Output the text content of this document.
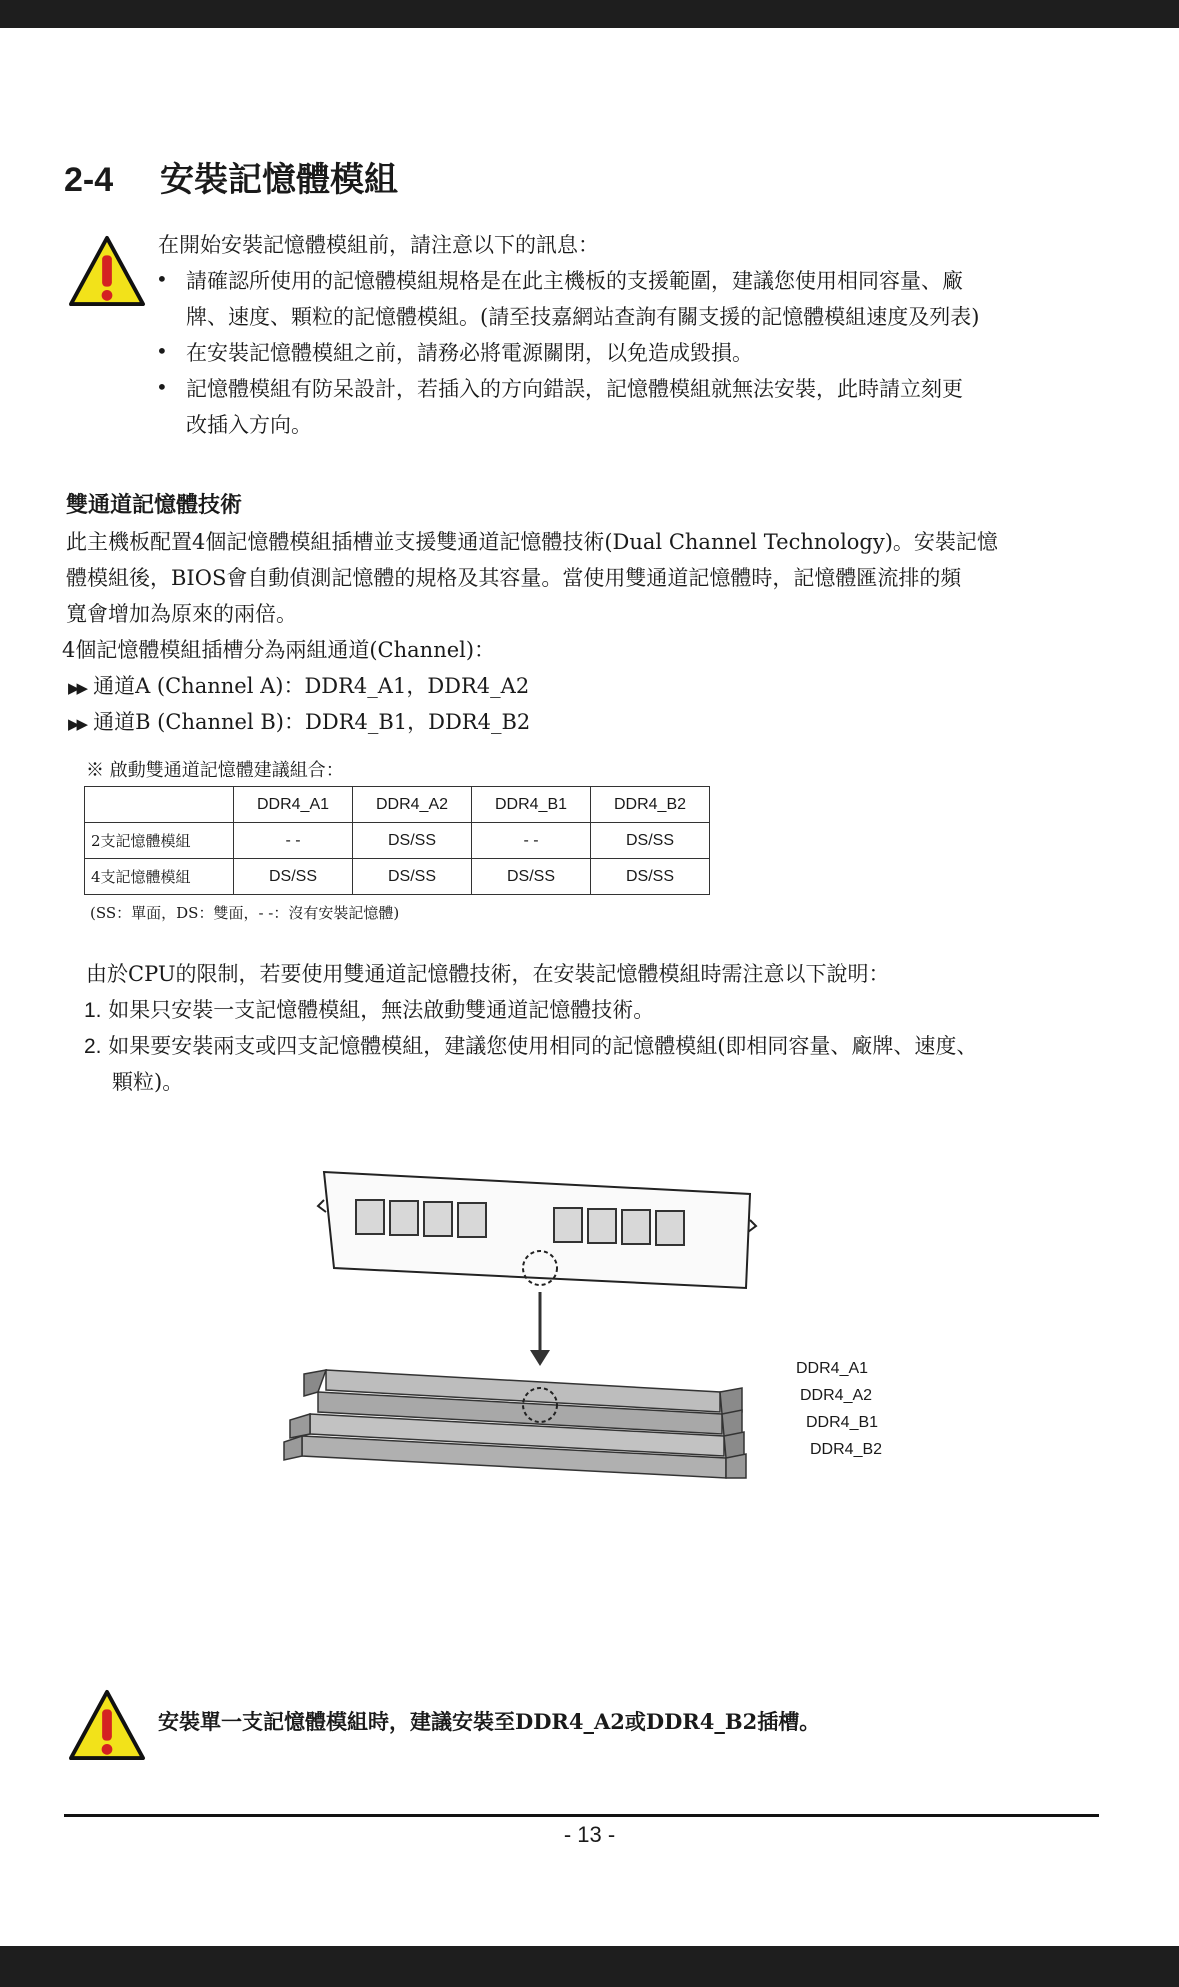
2-4 安裝記憶體模組
在開始安裝記憶體模組前，請注意以下的訊息：
• 請確認所使用的記憶體模組規格是在此主機板的支援範圍，建議您使用相同容量、廠
牌、速度、顆粒的記憶體模組。(請至技嘉網站查詢有關支援的記憶體模組速度及列表)
• 在安裝記憶體模組之前，請務必將電源關閉，以免造成毀損。
• 記憶體模組有防呆設計，若插入的方向錯誤，記憶體模組就無法安裝，此時請立刻更
改插入方向。
雙通道記憶體技術
此主機板配置4個記憶體模組插槽並支援雙通道記憶體技術(Dual Channel Technology)。安裝記憶
體模組後，BIOS會自動偵測記憶體的規格及其容量。當使用雙通道記憶體時，記憶體匯流排的頻
寬會增加為原來的兩倍。
4個記憶體模組插槽分為兩組通道(Channel)：
▶▶ 通道A (Channel A)：DDR4_A1，DDR4_A2
▶▶ 通道B (Channel B)：DDR4_B1，DDR4_B2
※ 啟動雙通道記憶體建議組合：
	DDR4_A1	DDR4_A2	DDR4_B1	DDR4_B2
2支記憶體模組	- -	DS/SS	- -	DS/SS
4支記憶體模組	DS/SS	DS/SS	DS/SS	DS/SS
(SS：單面，DS：雙面，- -：沒有安裝記憶體)
由於CPU的限制，若要使用雙通道記憶體技術，在安裝記憶體模組時需注意以下說明：
1. 如果只安裝一支記憶體模組，無法啟動雙通道記憶體技術。
2. 如果要安裝兩支或四支記憶體模組，建議您使用相同的記憶體模組(即相同容量、廠牌、速度、
顆粒)。
DDR4_A1
DDR4_A2
DDR4_B1
DDR4_B2
安裝單一支記憶體模組時，建議安裝至DDR4_A2或DDR4_B2插槽。
- 13 -
